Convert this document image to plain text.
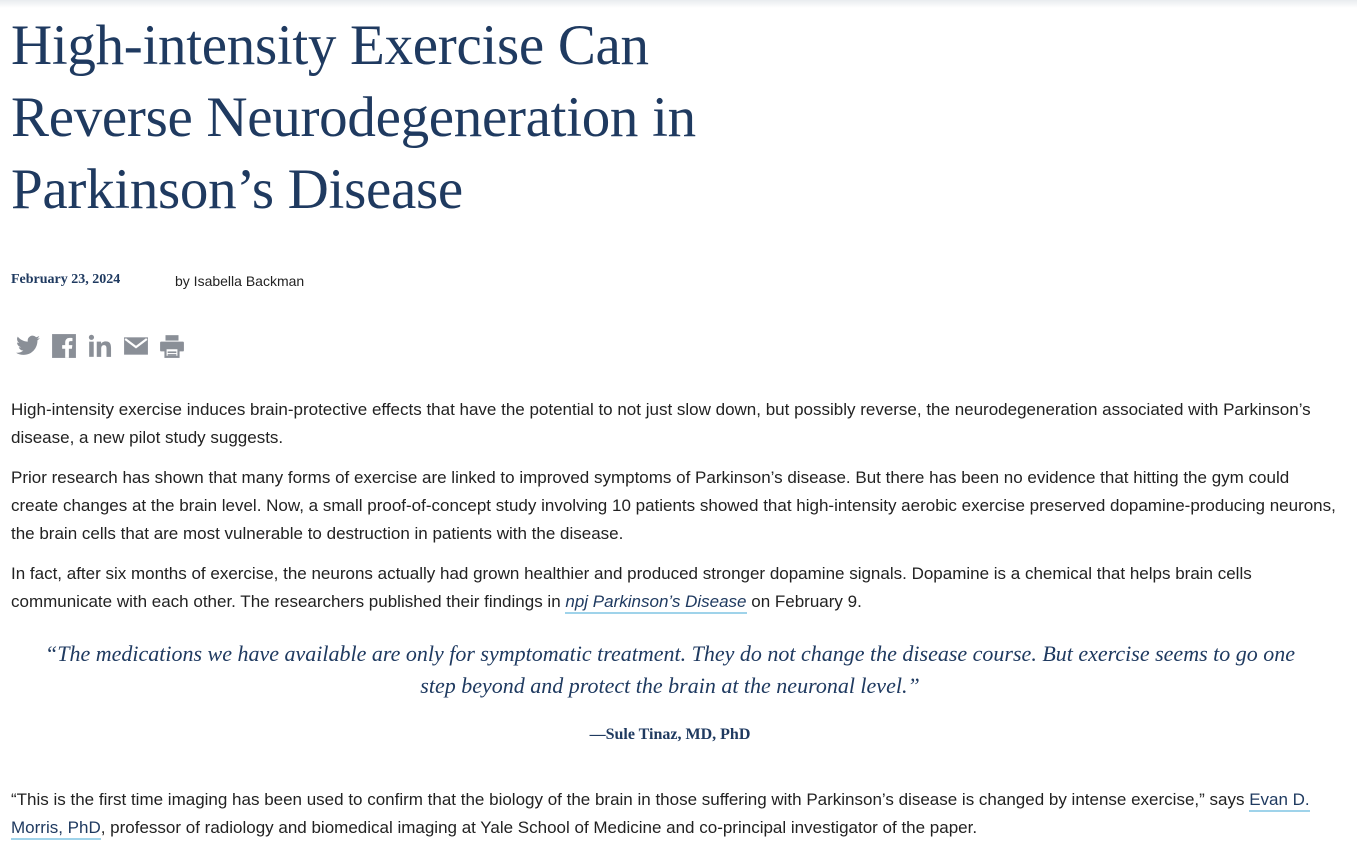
High-intensity Exercise Can Reverse Neurodegeneration in Parkinson’s Disease
February 23, 2024	by Isabella Backman

High-intensity exercise induces brain-protective effects that have the potential to not just slow down, but possibly reverse, the neurodegeneration associated with Parkinson’s disease, a new pilot study suggests.

Prior research has shown that many forms of exercise are linked to improved symptoms of Parkinson’s disease. But there has been no evidence that hitting the gym could create changes at the brain level. Now, a small proof-of-concept study involving 10 patients showed that high-intensity aerobic exercise preserved dopamine-producing neurons, the brain cells that are most vulnerable to destruction in patients with the disease.

In fact, after six months of exercise, the neurons actually had grown healthier and produced stronger dopamine signals. Dopamine is a chemical that helps brain cells communicate with each other. The researchers published their findings in npj Parkinson’s Disease on February 9.

“The medications we have available are only for symptomatic treatment. They do not change the disease course. But exercise seems to go one step beyond and protect the brain at the neuronal level.”
—Sule Tinaz, MD, PhD

“This is the first time imaging has been used to confirm that the biology of the brain in those suffering with Parkinson’s disease is changed by intense exercise,” says Evan D. Morris, PhD, professor of radiology and biomedical imaging at Yale School of Medicine and co-principal investigator of the paper.
